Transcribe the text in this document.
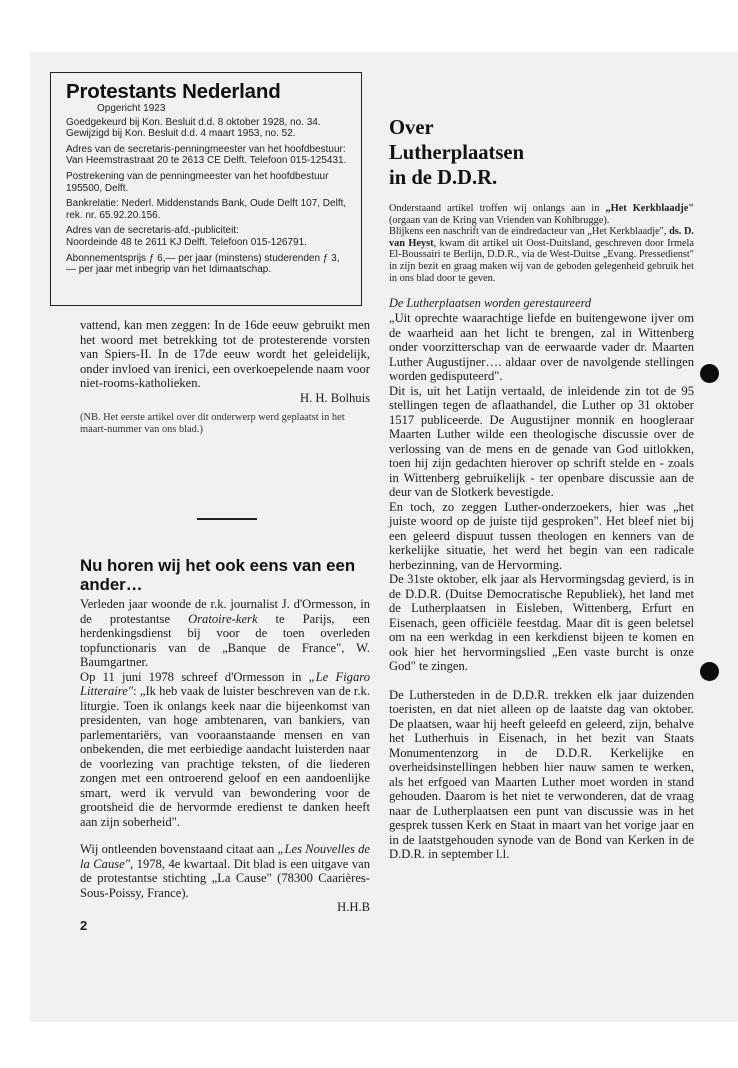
Protestants Nederland

Opgericht 1923

Goedgekeurd bij Kon. Besluit d.d. 8 oktober 1928, no. 34. Gewijzigd bij Kon. Besluit d.d. 4 maart 1953, no. 52.

Adres van de secretaris-penningmeester van het hoofdbestuur: Van Heemstrastraat 20 te 2613 CE Delft. Telefoon 015-125431.

Postrekening van de penningmeester van het hoofdbestuur 195500, Delft.

Bankrelatie: Nederl. Middenstands Bank, Oude Delft 107, Delft, rek. nr. 65.92.20.156.

Adres van de secretaris-afd.-publiciteit:

Noordeinde 48 te 2611 KJ Delft. Telefoon 015-126791.

Abonnementsprijs ƒ 6,— per jaar (minstens) studerenden ƒ 3,— per jaar met inbegrip van het Idimaatschap.

vattend, kan men zeggen: In de 16de eeuw gebruikt men het woord met betrekking tot de protesterende vorsten van Spiers-II. In de 17de eeuw wordt het geleidelijk, onder invloed van irenici, een overkoepelende naam voor niet-rooms-katholieken.

H. H. Bolhuis

(NB. Het eerste artikel over dit onderwerp werd geplaatst in het maart-nummer van ons blad.)

Nu horen wij het ook eens van een ander…

Verleden jaar woonde de r.k. journalist J. d'Ormesson, in de protestantse Oratoire-kerk te Parijs, een herdenkingsdienst bij voor de toen overleden topfunctionaris van de „Banque de France", W. Baumgartner.

Op 11 juni 1978 schreef d'Ormesson in „Le Figaro Litteraire": „Ik heb vaak de luister beschreven van de r.k. liturgie. Toen ik onlangs keek naar die bijeenkomst van presidenten, van hoge ambtenaren, van bankiers, van parlementariërs, van vooraanstaande mensen en van onbekenden, die met eerbiedige aandacht luisterden naar de voorlezing van prachtige teksten, of die liederen zongen met een ontroerend geloof en een aandoenlijke smart, werd ik vervuld van bewondering voor de grootsheid die de hervormde eredienst te danken heeft aan zijn soberheid".

Wij ontleenden bovenstaand citaat aan „Les Nouvelles de la Cause", 1978, 4e kwartaal. Dit blad is een uitgave van de protestantse stichting „La Cause" (78300 Caarières-Sous-Poissy, France).

H.H.B

2
Over Lutherplaatsen in de D.D.R.

Onderstaand artikel troffen wij onlangs aan in „Het Kerkblaadje" (orgaan van de Kring van Vrienden van Kohlbrugge).

Blijkens een naschrift van de eindredacteur van „Het Kerkblaadje", ds. D. van Heyst, kwam dit artikel uit Oost-Duitsland, geschreven door Irmela El-Boussairi te Berlijn, D.D.R., via de West-Duitse „Evang. Pressedienst" in zijn bezit en graag maken wij van de geboden gelegenheid gebruik het in ons blad door te geven.

De Lutherplaatsen worden gerestaureerd

„Uit oprechte waarachtige liefde en buitengewone ijver om de waarheid aan het licht te brengen, zal in Wittenberg onder voorzitterschap van de eerwaarde vader dr. Maarten Luther Augustijner…. aldaar over de navolgende stellingen worden gedisputeerd".

Dit is, uit het Latijn vertaald, de inleidende zin tot de 95 stellingen tegen de aflaathandel, die Luther op 31 oktober 1517 publiceerde. De Augustijner monnik en hoogleraar Maarten Luther wilde een theologische discussie over de verlossing van de mens en de genade van God uitlokken, toen hij zijn gedachten hierover op schrift stelde en - zoals in Wittenberg gebruikelijk - ter openbare discussie aan de deur van de Slotkerk bevestigde.

En toch, zo zeggen Luther-onderzoekers, hier was „het juiste woord op de juiste tijd gesproken". Het bleef niet bij een geleerd dispuut tussen theologen en kenners van de kerkelijke situatie, het werd het begin van een radicale herbezinning, van de Hervorming.

De 31ste oktober, elk jaar als Hervormingsdag gevierd, is in de D.D.R. (Duitse Democratische Republiek), het land met de Lutherplaatsen in Eisleben, Wittenberg, Erfurt en Eisenach, geen officiële feestdag. Maar dit is geen beletsel om na een werkdag in een kerkdienst bijeen te komen en ook hier het hervormingslied „Een vaste burcht is onze God" te zingen.

De Luthersteden in de D.D.R. trekken elk jaar duizenden toeristen, en dat niet alleen op de laatste dag van oktober. De plaatsen, waar hij heeft geleefd en geleerd, zijn, behalve het Lutherhuis in Eisenach, in het bezit van Staats Monumentenzorg in de D.D.R. Kerkelijke en overheidsinstellingen hebben hier nauw samen te werken, als het erfgoed van Maarten Luther moet worden in stand gehouden. Daarom is het niet te verwonderen, dat de vraag naar de Lutherplaatsen een punt van discussie was in het gesprek tussen Kerk en Staat in maart van het vorige jaar en in de laatstgehouden synode van de Bond van Kerken in de D.D.R. in september l.l.
